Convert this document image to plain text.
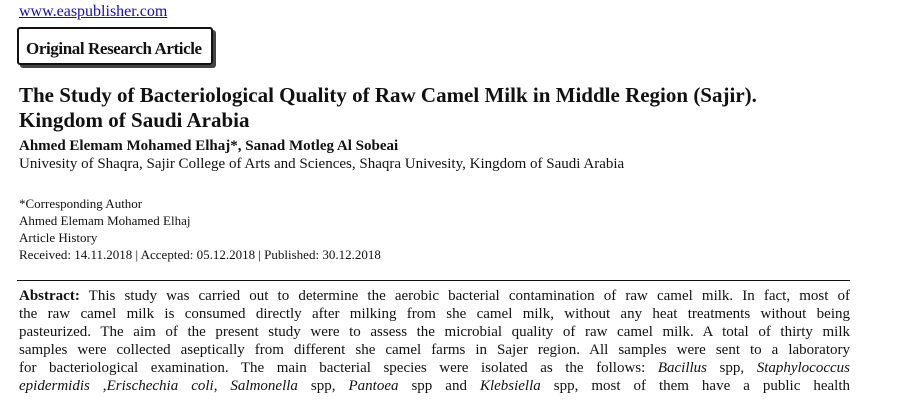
www.easpublisher.com
Original Research Article
The Study of Bacteriological Quality of Raw Camel Milk in Middle Region (Sajir). Kingdom of Saudi Arabia
Ahmed Elemam Mohamed Elhaj*, Sanad Motleg Al Sobeai
Univesity of Shaqra, Sajir College of Arts and Sciences, Shaqra Univesity, Kingdom of Saudi Arabia
*Corresponding Author
Ahmed Elemam Mohamed Elhaj
Article History
Received: 14.11.2018 | Accepted: 05.12.2018 | Published: 30.12.2018
Abstract: This study was carried out to determine the aerobic bacterial contamination of raw camel milk. In fact, most of
the raw camel milk is consumed directly after milking from she camel milk, without any heat treatments without being
pasteurized. The aim of the present study were to assess the microbial quality of raw camel milk. A total of thirty milk
samples were collected aseptically from different she camel farms in Sajer region. All samples were sent to a laboratory
for bacteriological examination. The main bacterial species were isolated as the follows: Bacillus spp, Staphylococcus
epidermidis ,Erischechia coli, Salmonella spp, Pantoea spp and Klebsiella spp, most of them have a public health
